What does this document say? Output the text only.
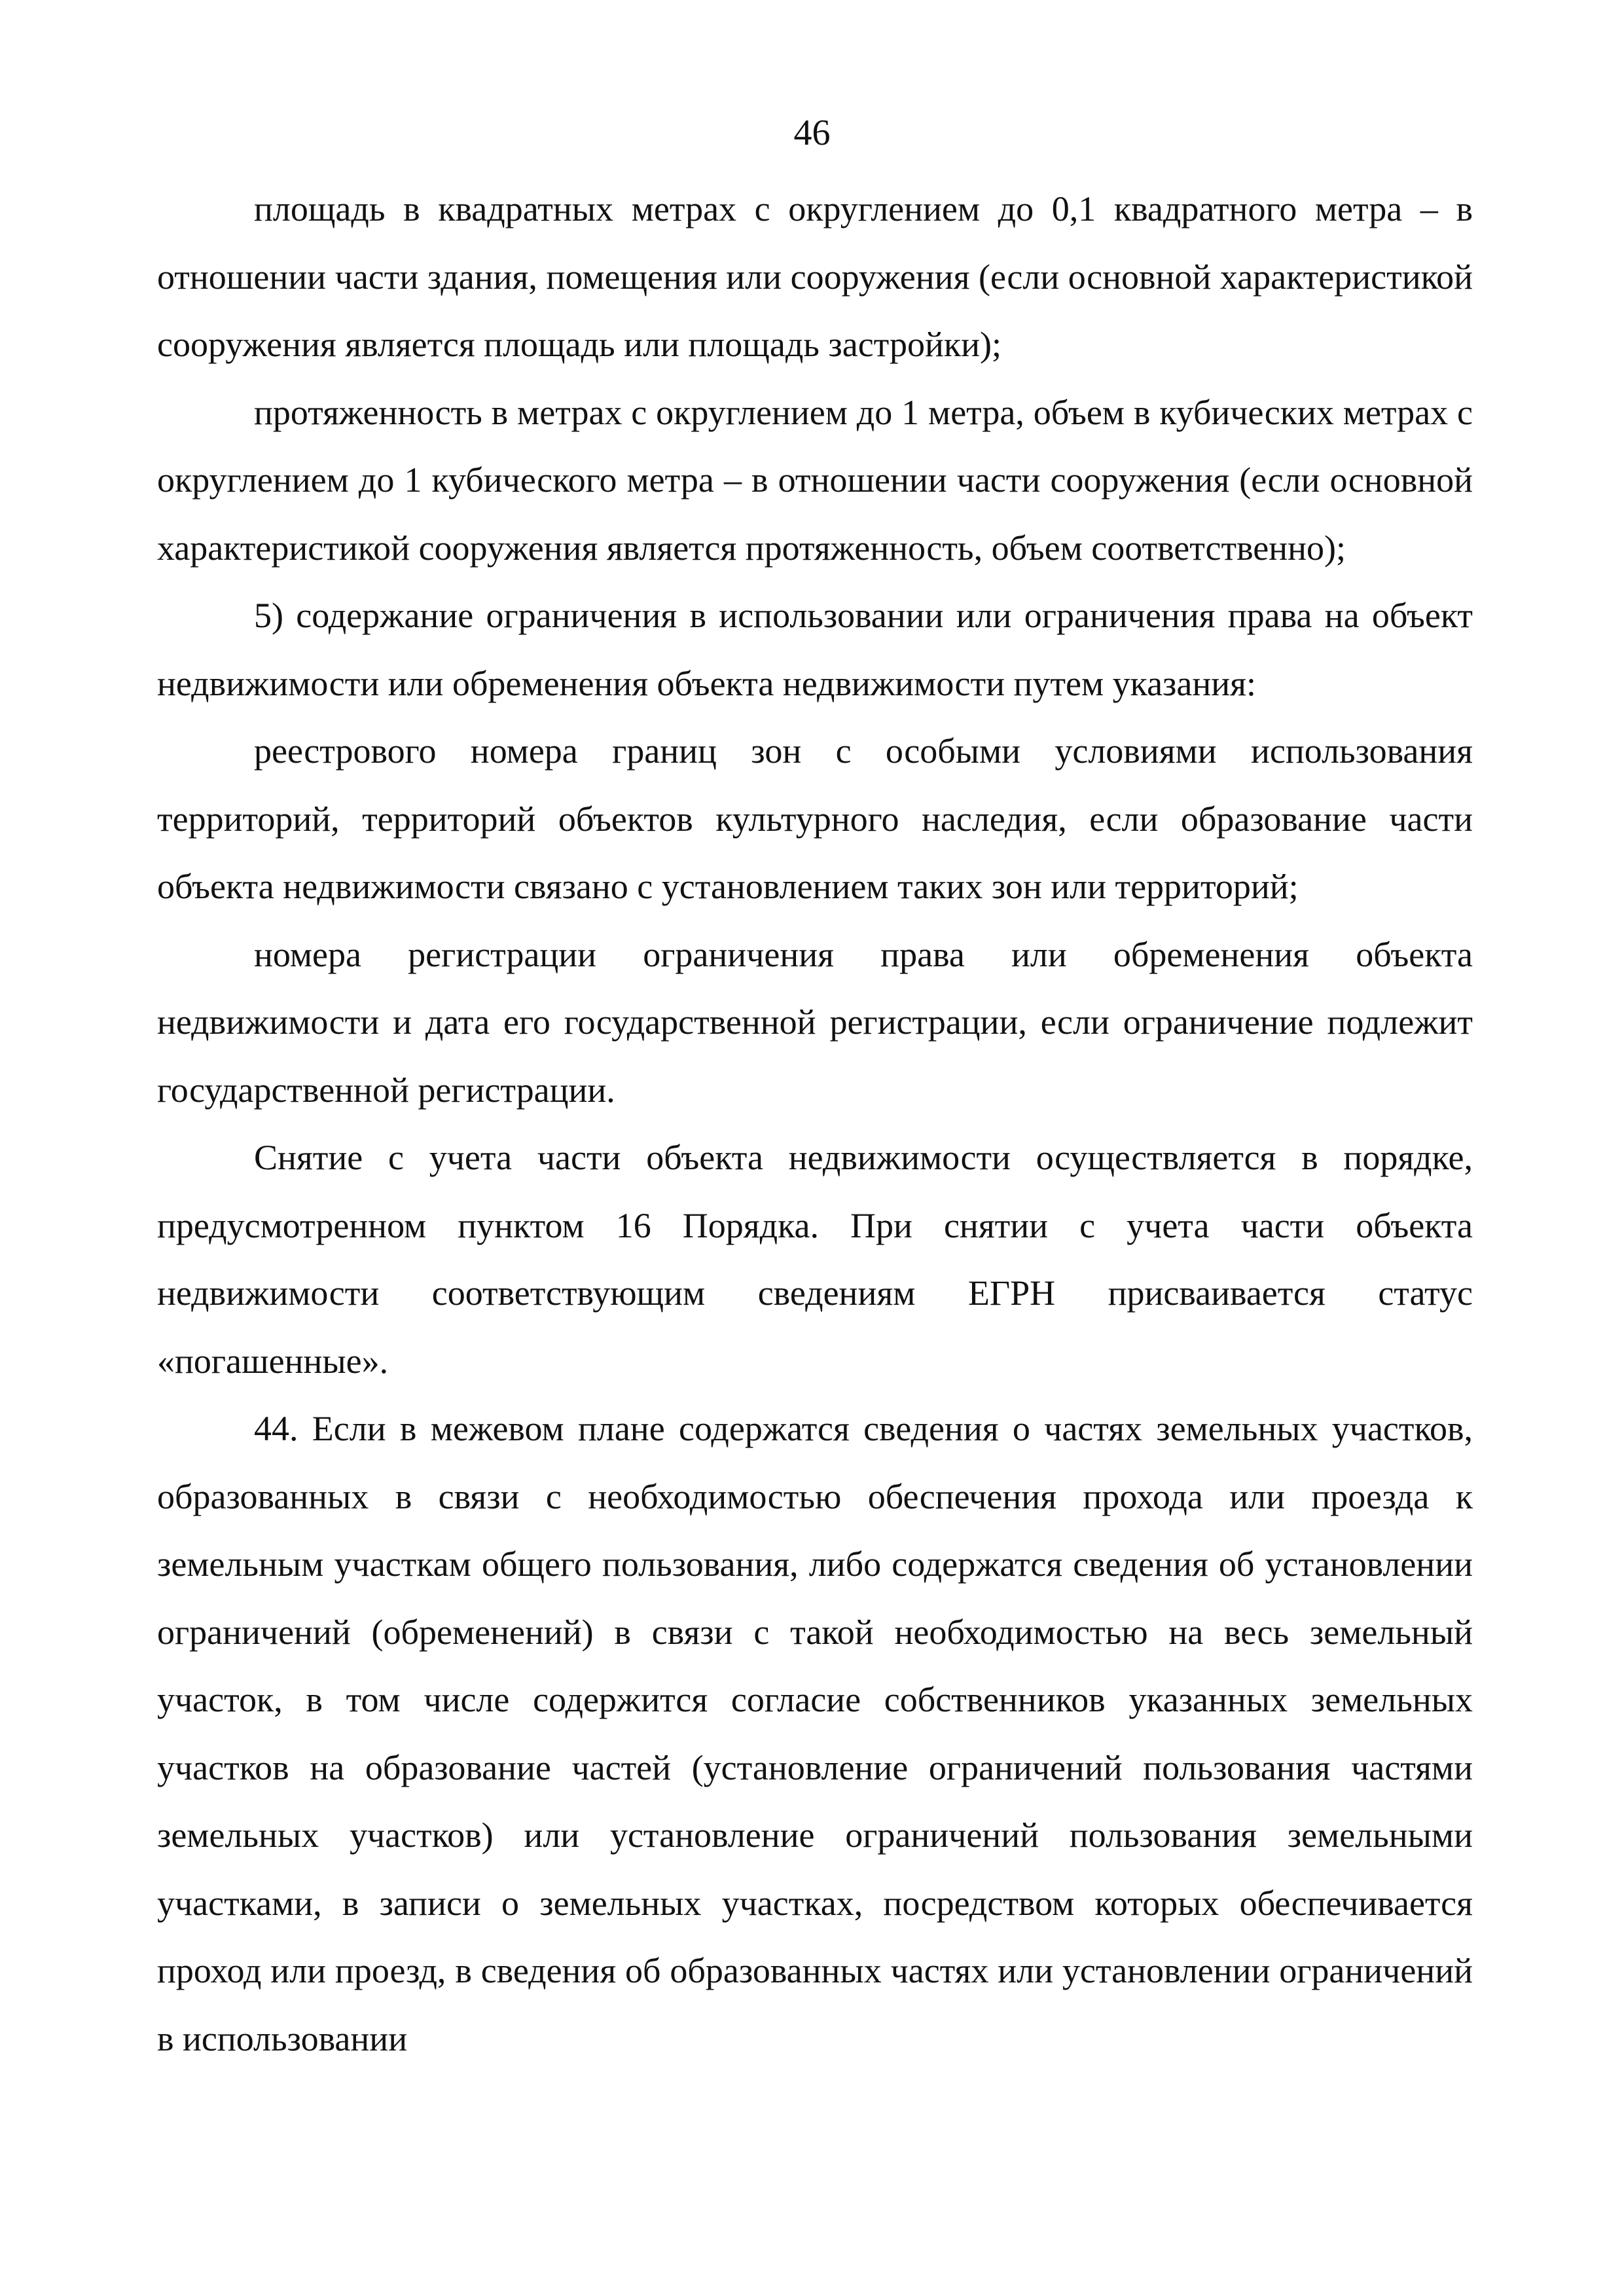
46

площадь в квадратных метрах с округлением до 0,1 квадратного метра – в отношении части здания, помещения или сооружения (если основной характеристикой сооружения является площадь или площадь застройки);

протяженность в метрах с округлением до 1 метра, объем в кубических метрах с округлением до 1 кубического метра – в отношении части сооружения (если основной характеристикой сооружения является протяженность, объем соответственно);

5) содержание ограничения в использовании или ограничения права на объект недвижимости или обременения объекта недвижимости путем указания:

реестрового номера границ зон с особыми условиями использования территорий, территорий объектов культурного наследия, если образование части объекта недвижимости связано с установлением таких зон или территорий;

номера регистрации ограничения права или обременения объекта недвижимости и дата его государственной регистрации, если ограничение подлежит государственной регистрации.

Снятие с учета части объекта недвижимости осуществляется в порядке, предусмотренном пунктом 16 Порядка. При снятии с учета части объекта недвижимости соответствующим сведениям ЕГРН присваивается статус «погашенные».

44. Если в межевом плане содержатся сведения о частях земельных участков, образованных в связи с необходимостью обеспечения прохода или проезда к земельным участкам общего пользования, либо содержатся сведения об установлении ограничений (обременений) в связи с такой необходимостью на весь земельный участок, в том числе содержится согласие собственников указанных земельных участков на образование частей (установление ограничений пользования частями земельных участков) или установление ограничений пользования земельными участками, в записи о земельных участках, посредством которых обеспечивается проход или проезд, в сведения об образованных частях или установлении ограничений в использовании
